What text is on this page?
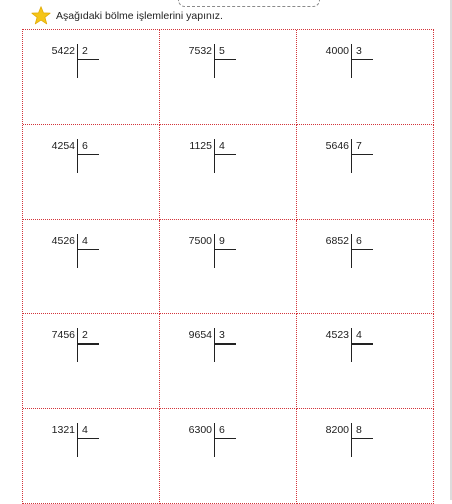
Aşağıdaki bölme işlemlerini yapınız.
5422 2	7532 5	4000 3
4254 6	1125 4	5646 7
4526 4	7500 9	6852 6
7456 2	9654 3	4523 4
1321 4	6300 6	8200 8
